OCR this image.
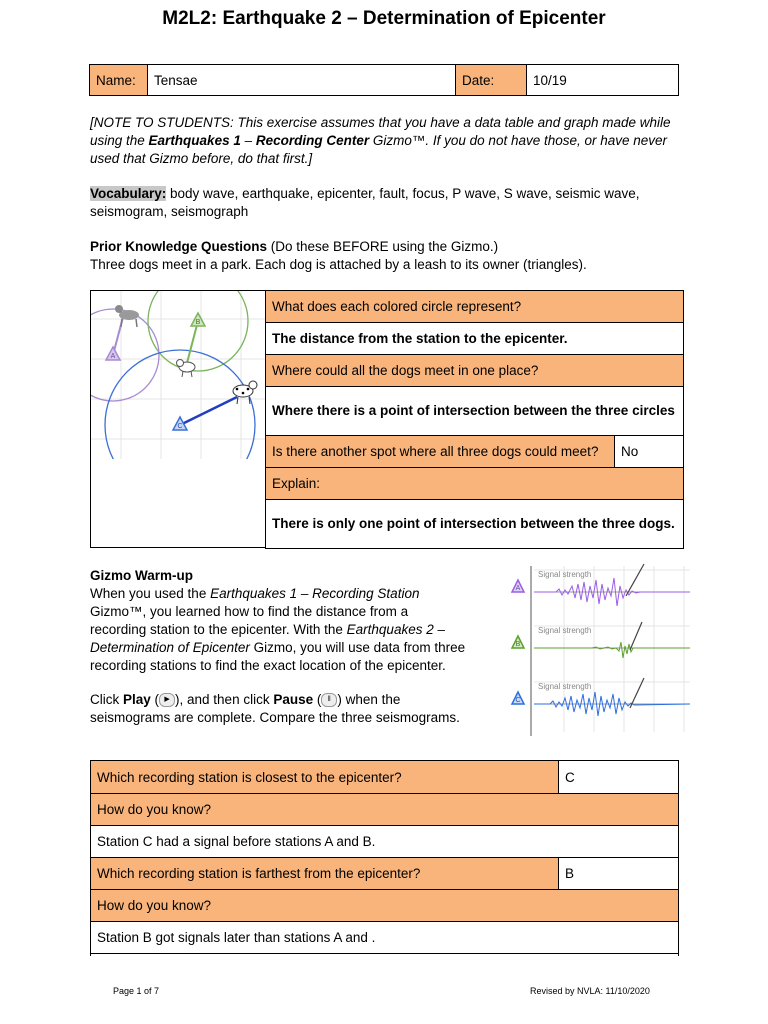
M2L2: Earthquake 2 – Determination of Epicenter
Name:	Tensae	Date:	10/19
[NOTE TO STUDENTS: This exercise assumes that you have a data table and graph made while using the Earthquakes 1 – Recording Center Gizmo™. If you do not have those, or have never used that Gizmo before, do that first.]
Vocabulary: body wave, earthquake, epicenter, fault, focus, P wave, S wave, seismic wave, seismogram, seismograph
Prior Knowledge Questions (Do these BEFORE using the Gizmo.)
Three dogs meet in a park. Each dog is attached by a leash to its owner (triangles).
A
B
C
What does each colored circle represent?
The distance from the station to the epicenter.
Where could all the dogs meet in one place?
Where there is a point of intersection between the three circles
Is there another spot where all three dogs could meet?	No
Explain:
There is only one point of intersection between the three dogs.
Gizmo Warm-up
When you used the Earthquakes 1 – Recording Station
Gizmo™, you learned how to find the distance from a
recording station to the epicenter. With the Earthquakes 2 –
Determination of Epicenter Gizmo, you will use data from three
recording stations to find the exact location of the epicenter.
Click Play ( ▶ ), and then click Pause ( ‖ ) when the
seismograms are complete. Compare the three seismograms.
A
Signal strength
B
Signal strength
C
Signal strength
Which recording station is closest to the epicenter?	C
How do you know?	
Station C had a signal before stations A and B.	
Which recording station is farthest from the epicenter?	B
How do you know?	
Station B got signals later than stations A and .	
Page 1 of 7	Revised by NVLA: 11/10/2020
